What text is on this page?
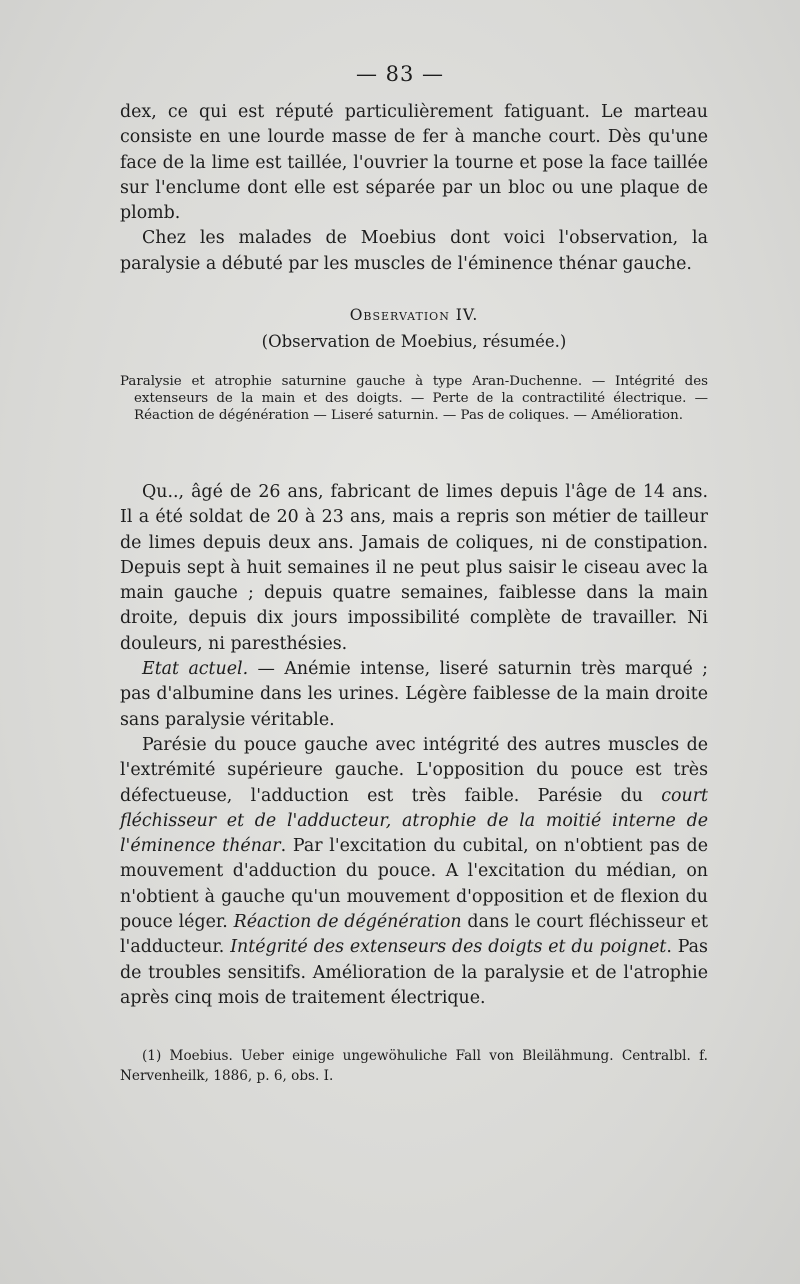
— 83 —

dex, ce qui est réputé particulièrement fatiguant. Le marteau consiste en une lourde masse de fer à manche court. Dès qu'une face de la lime est taillée, l'ouvrier la tourne et pose la face taillée sur l'enclume dont elle est séparée par un bloc ou une plaque de plomb.

Chez les malades de Moebius dont voici l'observation, la paralysie a débuté par les muscles de l'éminence thénar gauche.

Observation IV.

(Observation de Moebius, résumée.)

Paralysie et atrophie saturnine gauche à type Aran-Duchenne. — Intégrité des extenseurs de la main et des doigts. — Perte de la contractilité électrique. — Réaction de dégénération — Liseré saturnin. — Pas de coliques. — Amélioration.

Qu.., âgé de 26 ans, fabricant de limes depuis l'âge de 14 ans. Il a été soldat de 20 à 23 ans, mais a repris son métier de tailleur de limes depuis deux ans. Jamais de coliques, ni de constipation. Depuis sept à huit semaines il ne peut plus saisir le ciseau avec la main gauche ; depuis quatre semaines, faiblesse dans la main droite, depuis dix jours impossibilité complète de travailler. Ni douleurs, ni paresthésies.

Etat actuel. — Anémie intense, liseré saturnin très marqué ; pas d'albumine dans les urines. Légère faiblesse de la main droite sans paralysie véritable.

Parésie du pouce gauche avec intégrité des autres muscles de l'extrémité supérieure gauche. L'opposition du pouce est très défectueuse, l'adduction est très faible. Parésie du court fléchisseur et de l'adducteur, atrophie de la moitié interne de l'éminence thénar. Par l'excitation du cubital, on n'obtient pas de mouvement d'adduction du pouce. A l'excitation du médian, on n'obtient à gauche qu'un mouvement d'opposition et de flexion du pouce léger. Réaction de dégénération dans le court fléchisseur et l'adducteur. Intégrité des extenseurs des doigts et du poignet. Pas de troubles sensitifs. Amélioration de la paralysie et de l'atrophie après cinq mois de traitement électrique.

(1) Moebius. Ueber einige ungewöhuliche Fall von Bleilähmung. Centralbl. f. Nervenheilk, 1886, p. 6, obs. I.
